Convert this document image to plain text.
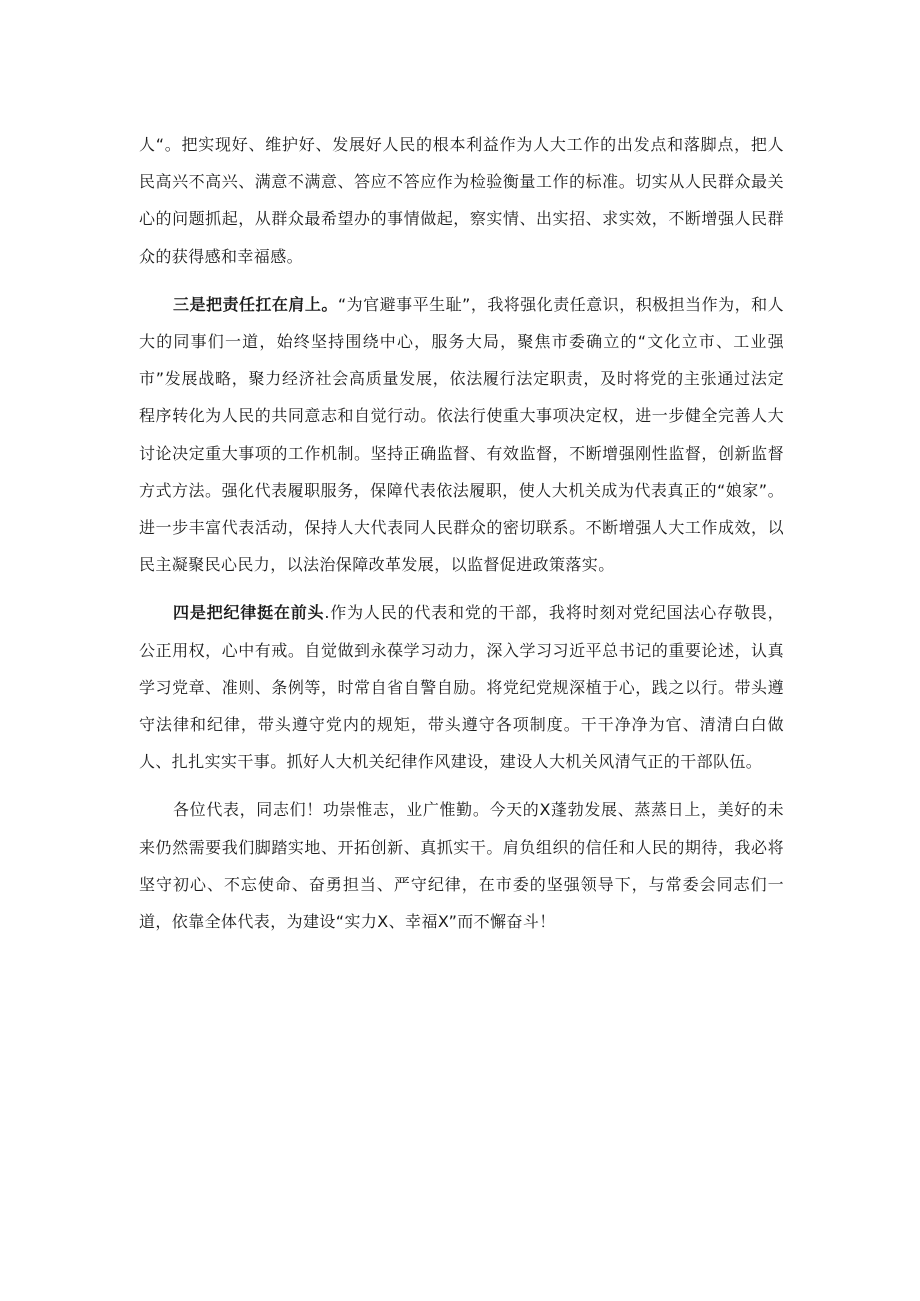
人“。把实现好、维护好、发展好人民的根本利益作为人大工作的出发点和落脚点，把人民高兴不高兴、满意不满意、答应不答应作为检验衡量工作的标准。切实从人民群众最关心的问题抓起，从群众最希望办的事情做起，察实情、出实招、求实效，不断增强人民群众的获得感和幸福感。

三是把责任扛在肩上。“为官避事平生耻”，我将强化责任意识，积极担当作为，和人大的同事们一道，始终坚持围绕中心，服务大局，聚焦市委确立的“文化立市、工业强市”发展战略，聚力经济社会高质量发展，依法履行法定职责，及时将党的主张通过法定程序转化为人民的共同意志和自觉行动。依法行使重大事项决定权，进一步健全完善人大讨论决定重大事项的工作机制。坚持正确监督、有效监督，不断增强刚性监督，创新监督方式方法。强化代表履职服务，保障代表依法履职，使人大机关成为代表真正的“娘家”。进一步丰富代表活动，保持人大代表同人民群众的密切联系。不断增强人大工作成效，以民主凝聚民心民力，以法治保障改革发展，以监督促进政策落实。

四是把纪律挺在前头.作为人民的代表和党的干部，我将时刻对党纪国法心存敬畏，公正用权，心中有戒。自觉做到永葆学习动力，深入学习习近平总书记的重要论述，认真学习党章、准则、条例等，时常自省自警自励。将党纪党规深植于心，践之以行。带头遵守法律和纪律，带头遵守党内的规矩，带头遵守各项制度。干干净净为官、清清白白做人、扎扎实实干事。抓好人大机关纪律作风建设，建设人大机关风清气正的干部队伍。

各位代表，同志们！功崇惟志，业广惟勤。今天的X蓬勃发展、蒸蒸日上，美好的未来仍然需要我们脚踏实地、开拓创新、真抓实干。肩负组织的信任和人民的期待，我必将坚守初心、不忘使命、奋勇担当、严守纪律，在市委的坚强领导下，与常委会同志们一道，依靠全体代表，为建设“实力X、幸福X”而不懈奋斗！
